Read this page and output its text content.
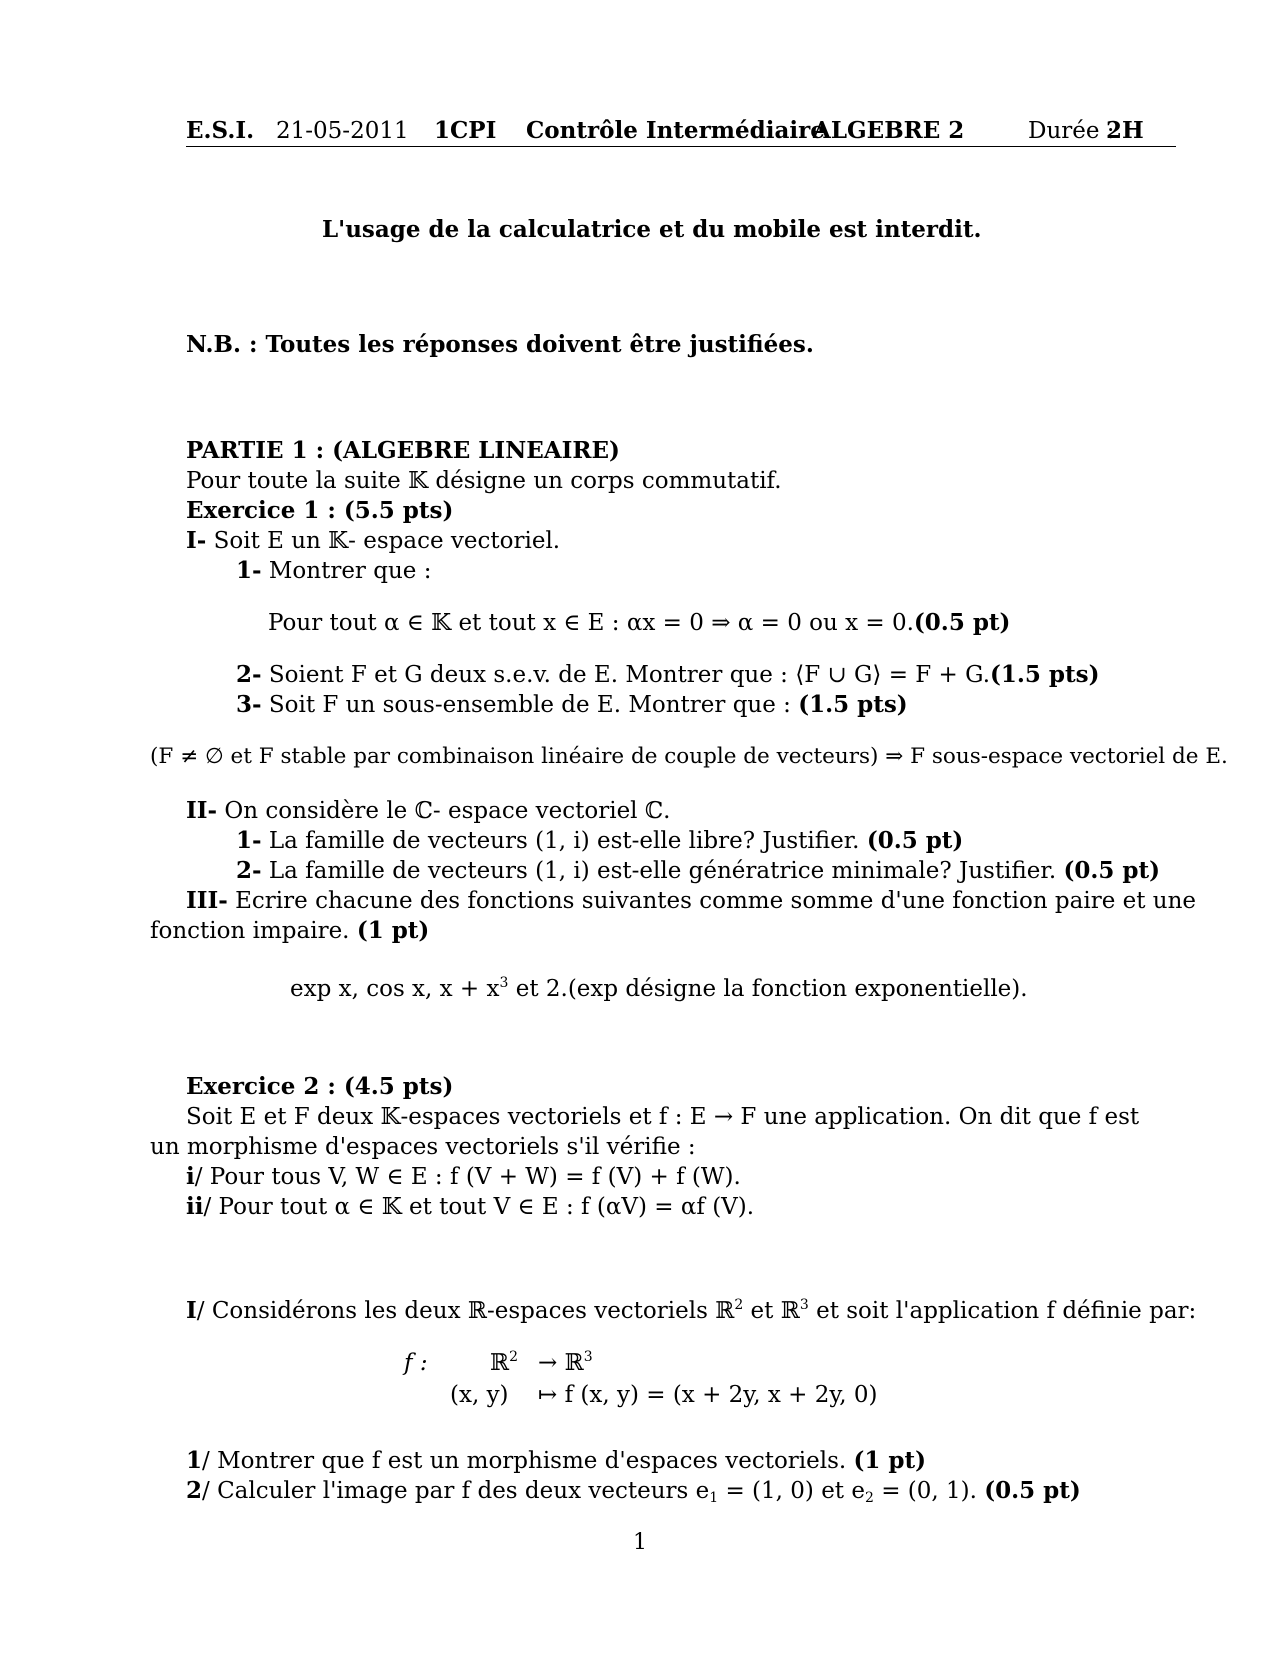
E.S.I. 21-05-2011 1CPI Contrôle Intermédiaire
ALGEBRE 2	Durée :
2H
L'usage de la calculatrice et du mobile est interdit.
N.B. : Toutes les réponses doivent être justifiées.
PARTIE 1 : (ALGEBRE LINEAIRE)
Pour toute la suite 𝕂 désigne un corps commutatif.
Exercice 1 : (5.5 pts)
I- Soit E un 𝕂- espace vectoriel.
1- Montrer que :
Pour tout α ∈ 𝕂 et tout x ∈ E : αx = 0 ⇒ α = 0 ou x = 0.(0.5 pt)
2- Soient F et G deux s.e.v. de E. Montrer que : ⟨F ∪ G⟩ = F + G.(1.5 pts)
3- Soit F un sous-ensemble de E. Montrer que : (1.5 pts)
(F ≠ ∅ et F stable par combinaison linéaire de couple de vecteurs) ⇒ F sous-espace vectoriel de E.
II- On considère le ℂ- espace vectoriel ℂ.
1- La famille de vecteurs (1, i) est-elle libre? Justifier. (0.5 pt)
2- La famille de vecteurs (1, i) est-elle génératrice minimale? Justifier. (0.5 pt)
III- Ecrire chacune des fonctions suivantes comme somme d'une fonction paire et une
fonction impaire. (1 pt)
exp x, cos x, $x + x^3$ et 2.(exp désigne la fonction exponentielle).
Exercice 2 : (4.5 pts)
Soit E et F deux 𝕂-espaces vectoriels et f : E → F une application. On dit que f est
un morphisme d'espaces vectoriels s'il vérifie :
i/ Pour tous V, W ∈ E : f (V + W) = f (V) + f (W).
ii/ Pour tout α ∈ 𝕂 et tout V ∈ E : f (αV) = αf (V).
I/ Considérons les deux ℝ-espaces vectoriels ℝ$^2$ et ℝ$^3$ et soit l'application f définie par:
f :	ℝ$^2$ → ℝ$^3$
(x, y) ↦ f (x, y) = (x + 2y, x + 2y, 0)
1/ Montrer que f est un morphisme d'espaces vectoriels. (1 pt)
2/ Calculer l'image par f des deux vecteurs $e_1 = (1$, 0) et $e_2 = (0$, 1). (0.5 pt)
1
